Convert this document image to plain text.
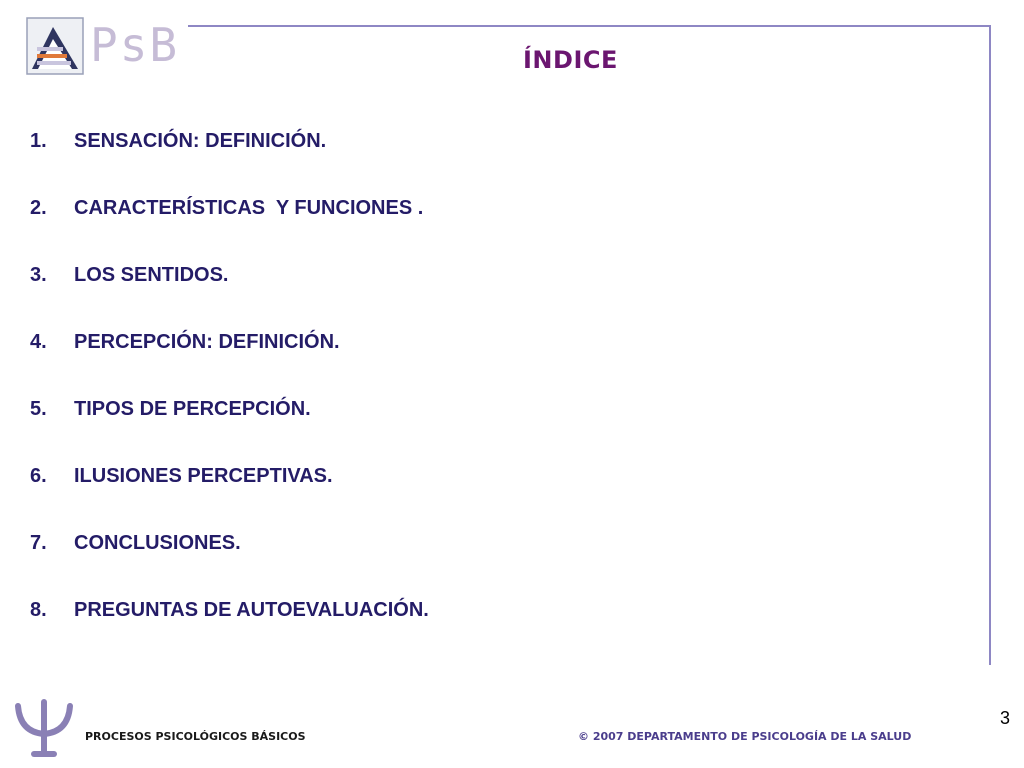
PsB	ÍNDICE
1. SENSACIÓN: DEFINICIÓN.
2. CARACTERÍSTICAS  Y FUNCIONES .
3. LOS SENTIDOS.
4. PERCEPCIÓN: DEFINICIÓN.
5. TIPOS DE PERCEPCIÓN.
6. ILUSIONES PERCEPTIVAS.
7. CONCLUSIONES.
8. PREGUNTAS DE AUTOEVALUACIÓN.
PROCESOS PSICOLÓGICOS BÁSICOS	© 2007 DEPARTAMENTO DE PSICOLOGÍA DE LA SALUD
3
